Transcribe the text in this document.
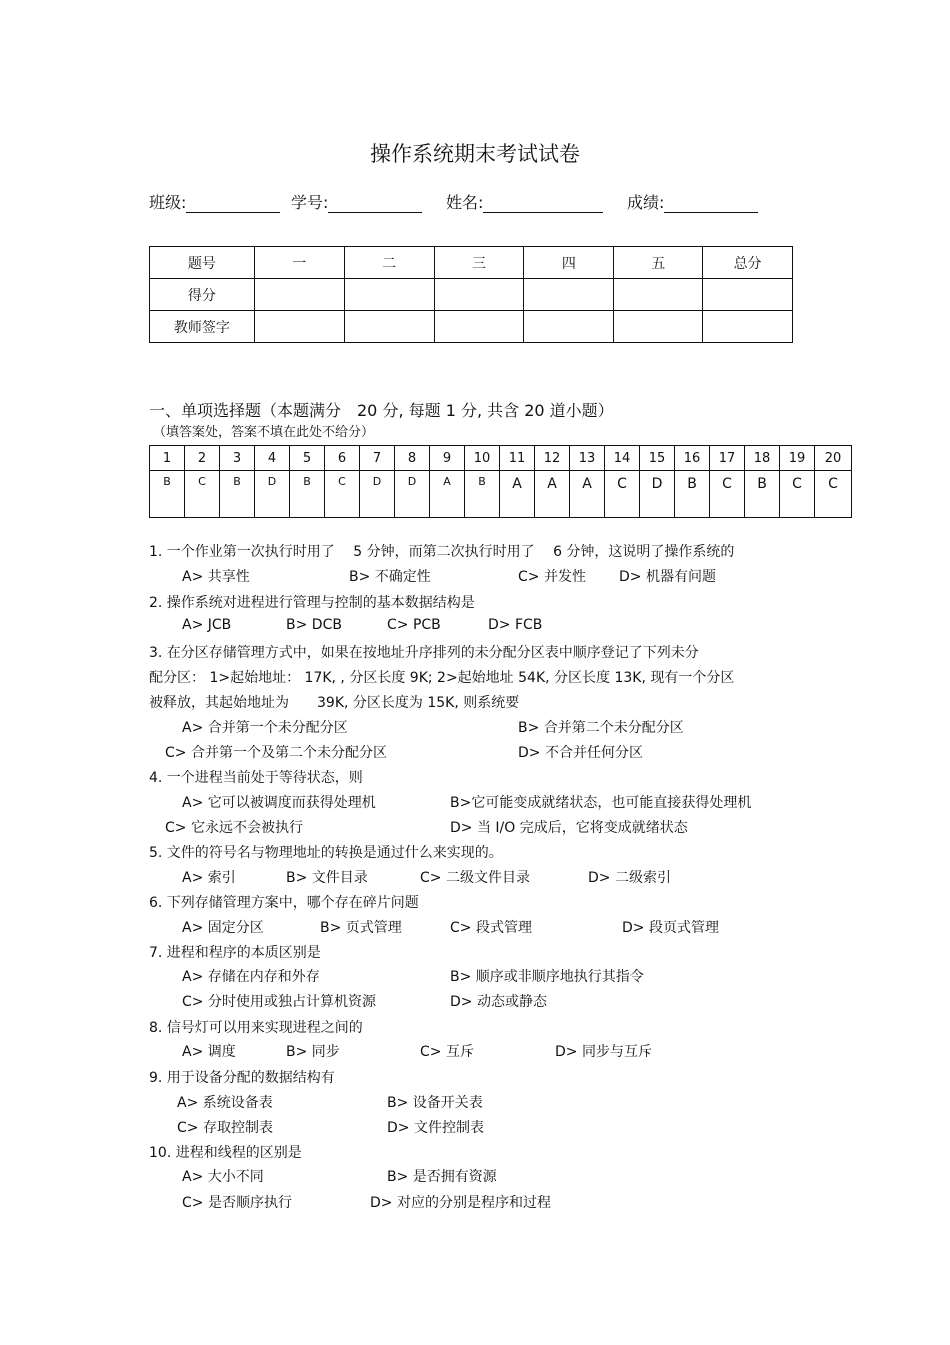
操作系统期末考试试卷
班级:	学号:	姓名:	成绩:
题号	一	二	三	四	五	总分
得分						
教师签字						
一、单项选择题（本题满分　20 分, 每题 1 分, 共含 20 道小题）
（填答案处，答案不填在此处不给分）
1	2	3	4	5	6	7	8	9	10	11	12	13	14	15	16	17	18	19	20
B	C	B	D	B	C	D	D	A	B	A	A	A	C	D	B	C	B	C	C
1. 一个作业第一次执行时用了　 5 分钟，而第二次执行时用了　 6 分钟，这说明了操作系统的
A> 共享性	B> 不确定性	C> 并发性 D> 机器有问题
2. 操作系统对进程进行管理与控制的基本数据结构是
A> JCB	B> DCB	C> PCB	D> FCB
3. 在分区存储管理方式中，如果在按地址升序排列的未分配分区表中顺序登记了下列未分
配分区： 1>起始地址： 17K, , 分区长度 9K; 2>起始地址 54K, 分区长度 13K, 现有一个分区
被释放，其起始地址为　　39K, 分区长度为 15K, 则系统要
A> 合并第一个未分配分区	B> 合并第二个未分配分区
C> 合并第一个及第二个未分配分区	D> 不合并任何分区
4. 一个进程当前处于等待状态，则
A> 它可以被调度而获得处理机	B>它可能变成就绪状态，也可能直接获得处理机
C> 它永远不会被执行	D> 当 I/O 完成后，它将变成就绪状态
5. 文件的符号名与物理地址的转换是通过什么来实现的。
A> 索引	B> 文件目录	C> 二级文件目录	D> 二级索引
6. 下列存储管理方案中，哪个存在碎片问题
A> 固定分区	B> 页式管理	C> 段式管理	D> 段页式管理
7. 进程和程序的本质区别是
A> 存储在内存和外存	B> 顺序或非顺序地执行其指令
C> 分时使用或独占计算机资源	D> 动态或静态
8. 信号灯可以用来实现进程之间的
A> 调度	B> 同步	C> 互斥	D> 同步与互斥
9. 用于设备分配的数据结构有
A> 系统设备表	B> 设备开关表
C> 存取控制表	D> 文件控制表
10. 进程和线程的区别是
A> 大小不同	B> 是否拥有资源
C> 是否顺序执行	D> 对应的分别是程序和过程
